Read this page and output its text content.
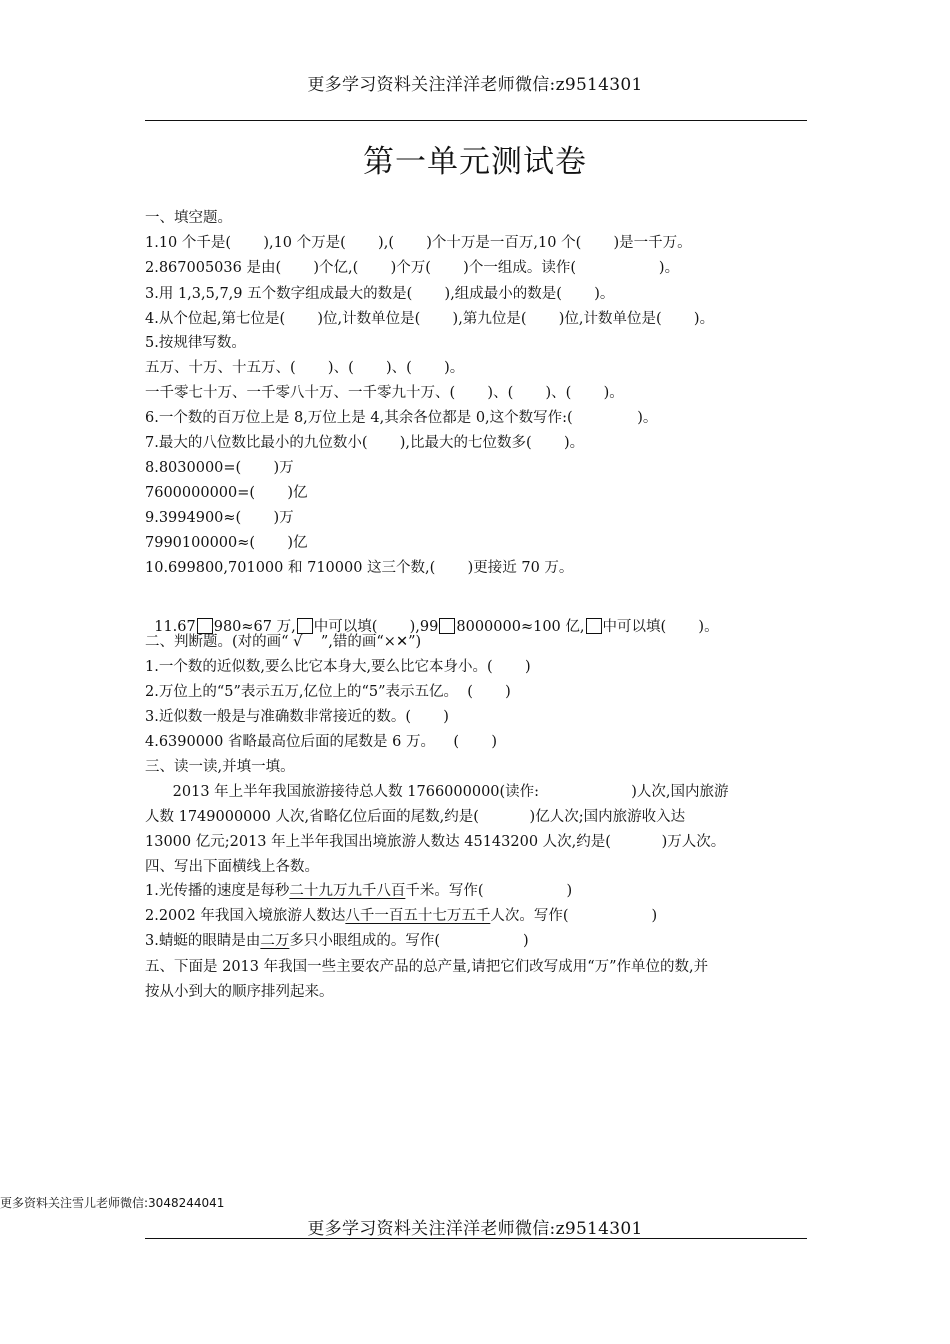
更多学习资料关注洋洋老师微信:z9514301
第一单元测试卷
一、填空题。
1.10 个千是(       ),10 个万是(       ),(       )个十万是一百万,10 个(       )是一千万。
2.867005036 是由(       )个亿,(       )个万(       )个一组成。读作(                  )。
3.用 1,3,5,7,9 五个数字组成最大的数是(       ),组成最小的数是(       )。
4.从个位起,第七位是(       )位,计数单位是(       ),第九位是(       )位,计数单位是(       )。
5.按规律写数。
五万、十万、十五万、(       )、(       )、(       )。
一千零七十万、一千零八十万、一千零九十万、(       )、(       )、(       )。
6.一个数的百万位上是 8,万位上是 4,其余各位都是 0,这个数写作:(              )。
7.最大的八位数比最小的九位数小(       ),比最大的七位数多(       )。
8.8030000=(       )万
7600000000=(       )亿
9.3994900≈(       )万
7990100000≈(       )亿
10.699800,701000 和 710000 这三个数,(       )更接近 70 万。

11.67 980≈67 万, 中可以填(       ),99 8000000≈100 亿, 中可以填(       )。

二、判断题。(对的画“ √    ”,错的画“×✕”)
1.一个数的近似数,要么比它本身大,要么比它本身小。(       )
2.万位上的“5”表示五万,亿位上的“5”表示五亿。  (       )
3.近似数一般是与准确数非常接近的数。(       )
4.6390000 省略最高位后面的尾数是 6 万。    (       )
三、读一读,并填一填。
2013 年上半年我国旅游接待总人数 1766000000(读作:                    )人次,国内旅游
人数 1749000000 人次,省略亿位后面的尾数,约是(           )亿人次;国内旅游收入达
13000 亿元;2013 年上半年我国出境旅游人数达 45143200 人次,约是(           )万人次。
四、写出下面横线上各数。
1.光传播的速度是每秒二十九万九千八百千米。写作(                  )
2.2002 年我国入境旅游人数达八千一百五十七万五千人次。写作(                  )
3.蜻蜓的眼睛是由二万多只小眼组成的。写作(                  )
五、下面是 2013 年我国一些主要农产品的总产量,请把它们改写成用“万”作单位的数,并
按从小到大的顺序排列起来。
更多资料关注雪儿老师微信:3048244041
更多学习资料关注洋洋老师微信:z9514301
